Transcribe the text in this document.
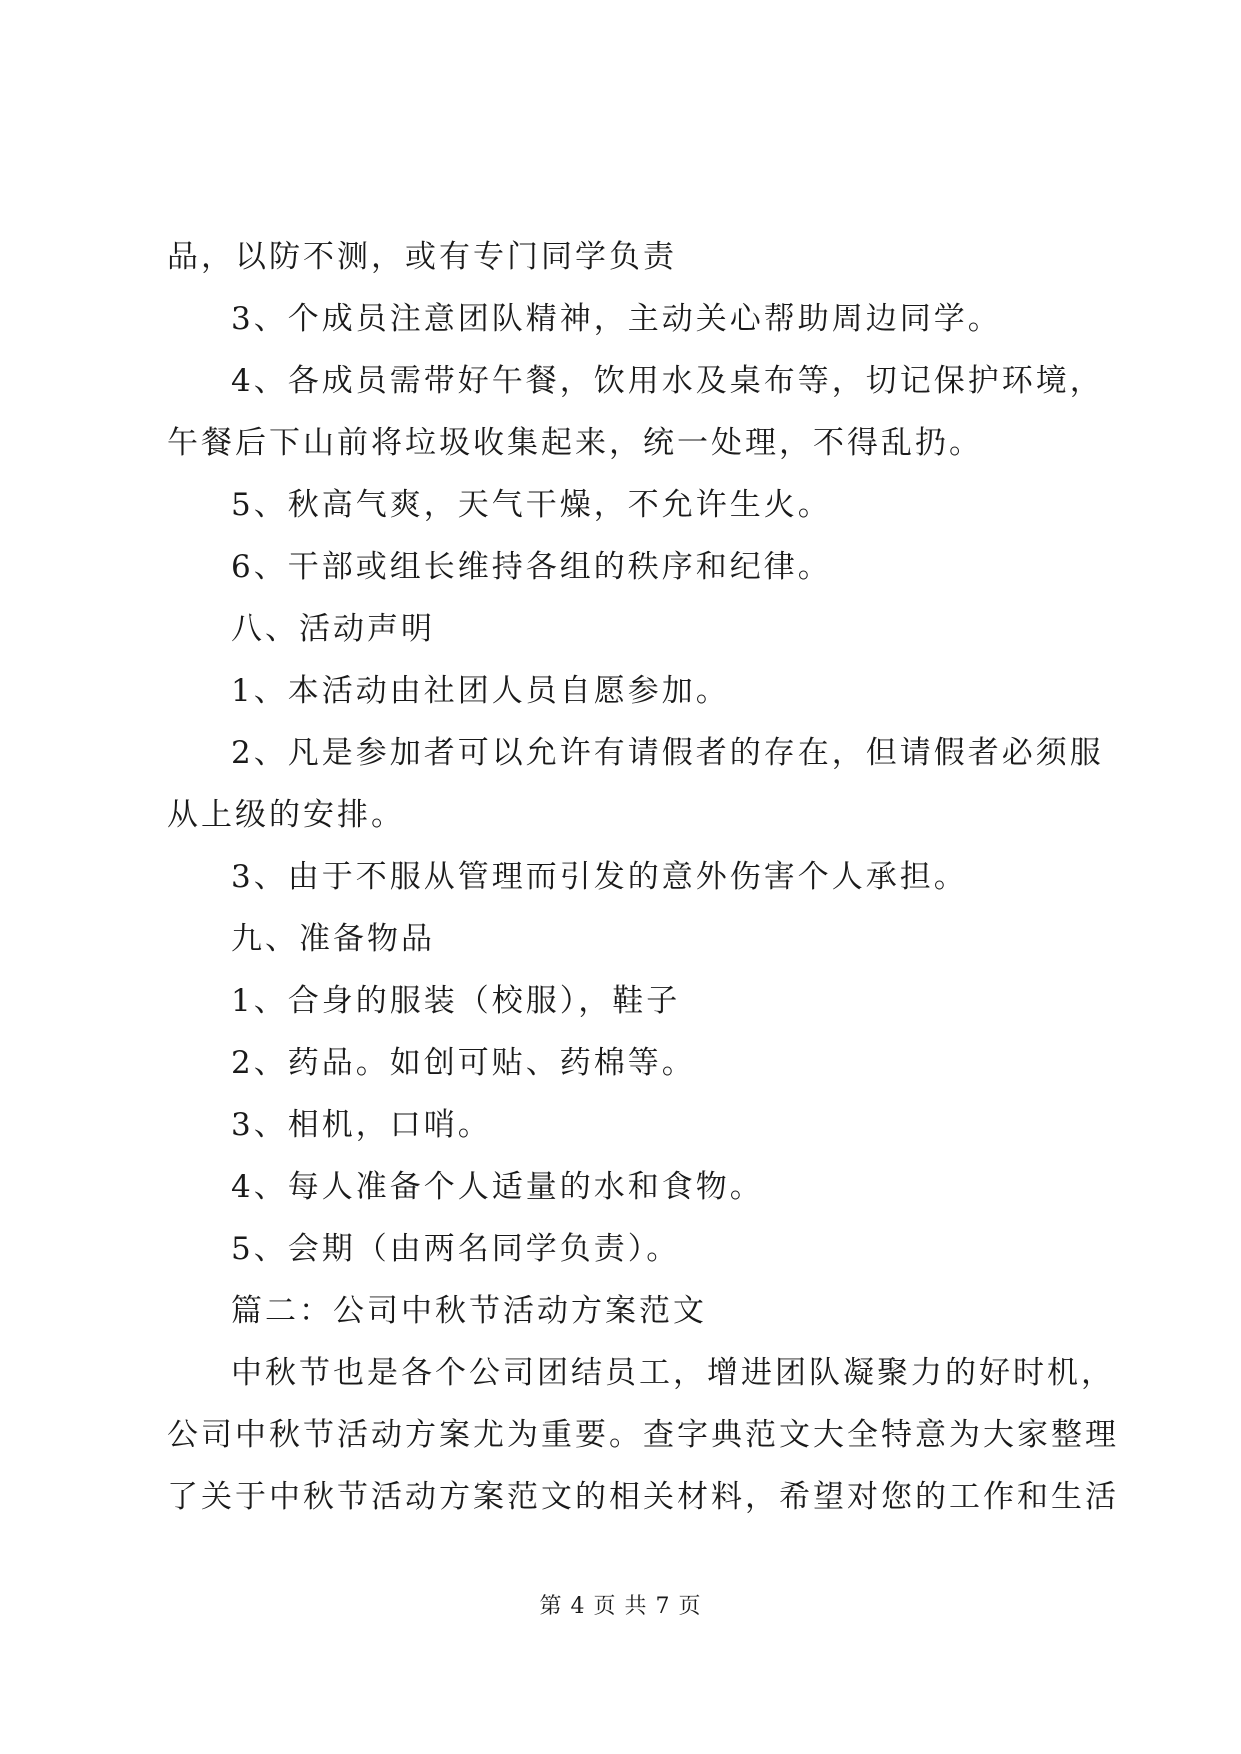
品，以防不测，或有专门同学负责
3、个成员注意团队精神，主动关心帮助周边同学。
4、各成员需带好午餐，饮用水及桌布等，切记保护环境，
午餐后下山前将垃圾收集起来，统一处理，不得乱扔。
5、秋高气爽，天气干燥，不允许生火。
6、干部或组长维持各组的秩序和纪律。
八、活动声明
1、本活动由社团人员自愿参加。
2、凡是参加者可以允许有请假者的存在，但请假者必须服
从上级的安排。
3、由于不服从管理而引发的意外伤害个人承担。
九、准备物品
1、合身的服装（校服），鞋子
2、药品。如创可贴、药棉等。
3、相机，口哨。
4、每人准备个人适量的水和食物。
5、会期（由两名同学负责）。
篇二：公司中秋节活动方案范文
中秋节也是各个公司团结员工，增进团队凝聚力的好时机，
公司中秋节活动方案尤为重要。查字典范文大全特意为大家整理
了关于中秋节活动方案范文的相关材料，希望对您的工作和生活
第 4 页 共 7 页
